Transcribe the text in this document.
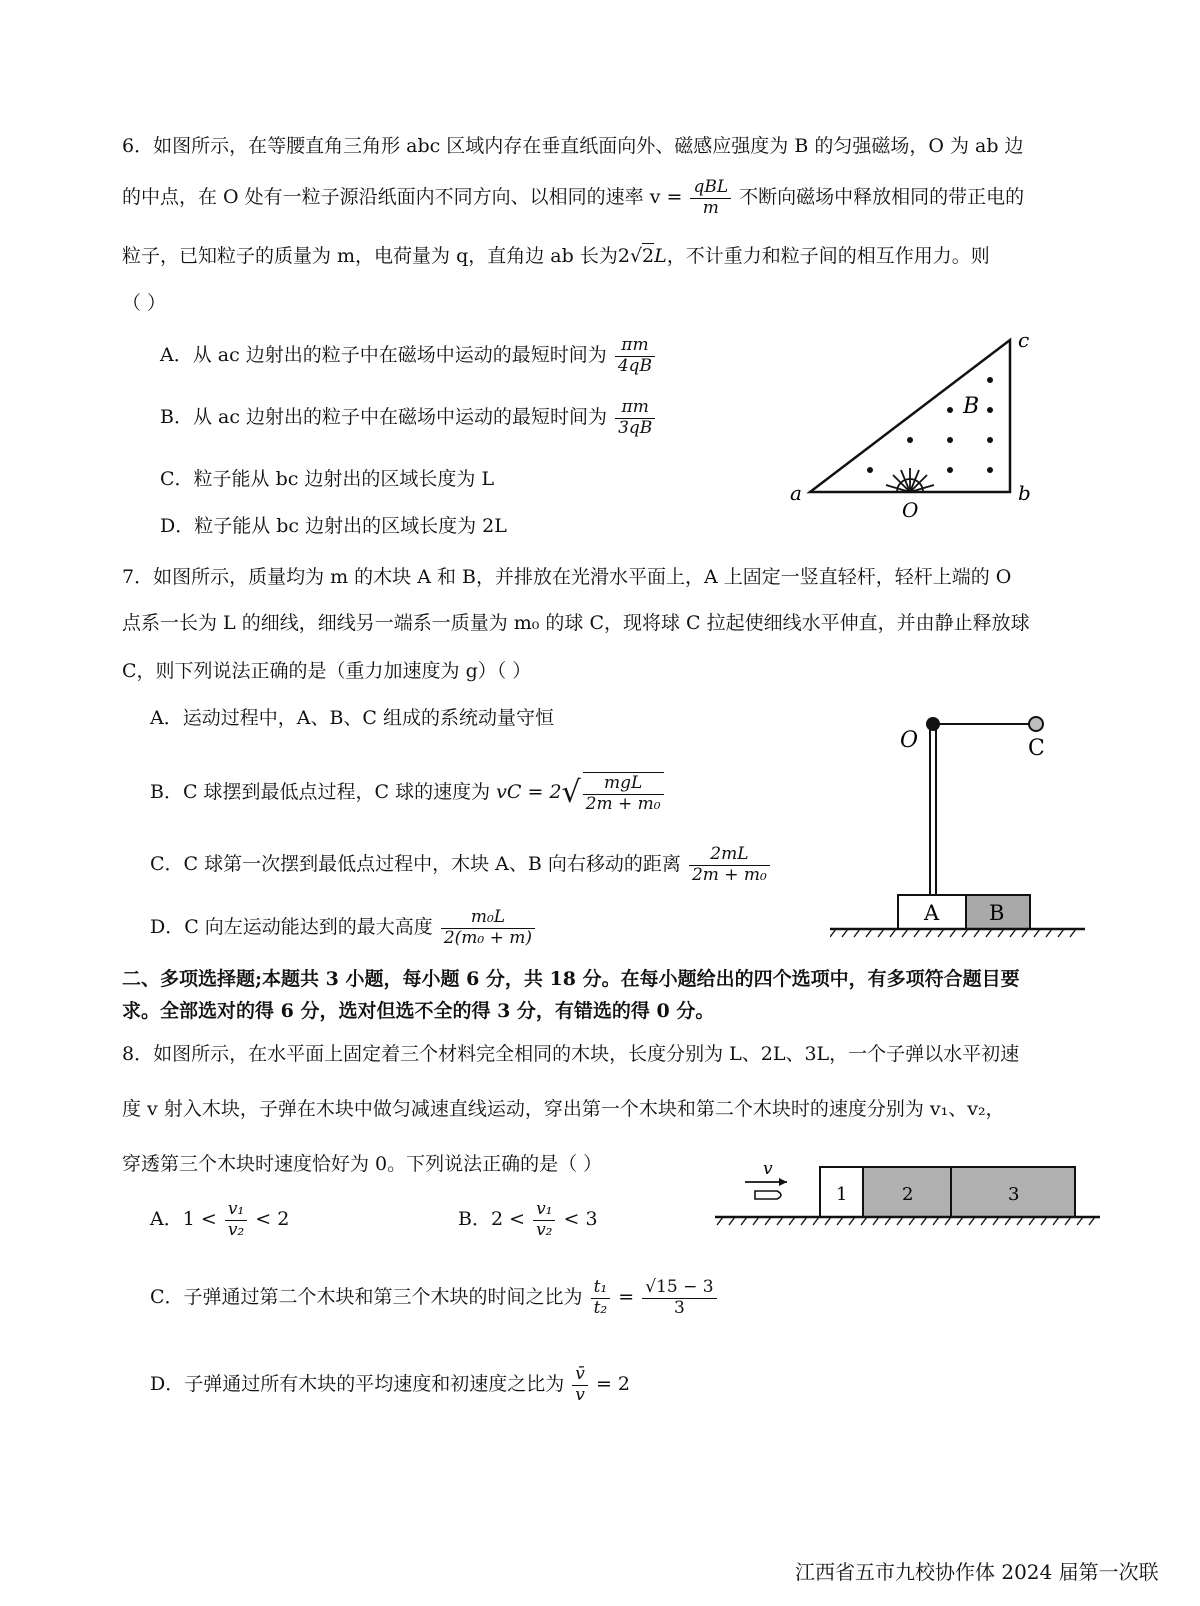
6．如图所示，在等腰直角三角形 abc 区域内存在垂直纸面向外、磁感应强度为 B 的匀强磁场，O 为 ab 边
的中点，在 O 处有一粒子源沿纸面内不同方向、以相同的速率 $v = \frac{\text{qBL}}{m}$ 不断向磁场中释放相同的带正电的
粒子，已知粒子的质量为 m，电荷量为 q，直角边 ab 长为2√2L，不计重力和粒子间的相互作用力。则
（ ）
A．从 ac 边射出的粒子中在磁场中运动的最短时间为 $\frac{\pi m}{4qB}$
B．从 ac 边射出的粒子中在磁场中运动的最短时间为 $\frac{\pi m}{3qB}$
C．粒子能从 bc 边射出的区域长度为 L
D．粒子能从 bc 边射出的区域长度为 2L
a	b
c
O
B
7．如图所示，质量均为 m 的木块 A 和 B，并排放在光滑水平面上，A 上固定一竖直轻杆，轻杆上端的 O
点系一长为 L 的细线，细线另一端系一质量为 m₀ 的球 C，现将球 C 拉起使细线水平伸直，并由静止释放球
C，则下列说法正确的是（重力加速度为 g）（ ）
A．运动过程中，A、B、C 组成的系统动量守恒
B．C 球摆到最低点过程，C 球的速度为 vC = $2√ \frac{\text{mgL}}{\text{2m + m₀}}$
C．C 球第一次摆到最低点过程中，木块 A、B 向右移动的距离 $\frac{2mL}{\text{2m + m₀}}$
D．C 向左运动能达到的最大高度 $\frac{\text{m₀L}}{\text{2(m₀ + m)}}$
O	C
A B
二、多项选择题;本题共 3 小题，每小题 6 分，共 18 分。在每小题给出的四个选项中，有多项符合题目要
求。全部选对的得 6 分，选对但选不全的得 3 分，有错选的得 0 分。
8．如图所示，在水平面上固定着三个材料完全相同的木块，长度分别为 L、2L、3L，一个子弹以水平初速
度 v 射入木块，子弹在木块中做匀减速直线运动，穿出第一个木块和第二个木块时的速度分别为 v₁、v₂，
穿透第三个木块时速度恰好为 0。下列说法正确的是（ ）
A．$1 < \frac{\text{v₁}}{\text{v₂}} < 2$	B．$2 < \frac{\text{v₁}}{\text{v₂}} < 3$
C．子弹通过第二个木块和第三个木块的时间之比为 $\frac{\text{t₁}}{\text{t₂}} = \frac{√15 - 3}{3}$
D．子弹通过所有木块的平均速度和初速度之比为 $\frac{v̄}{v} = 2$
v
1	2	3
江西省五市九校协作体 2024 届第一次联
